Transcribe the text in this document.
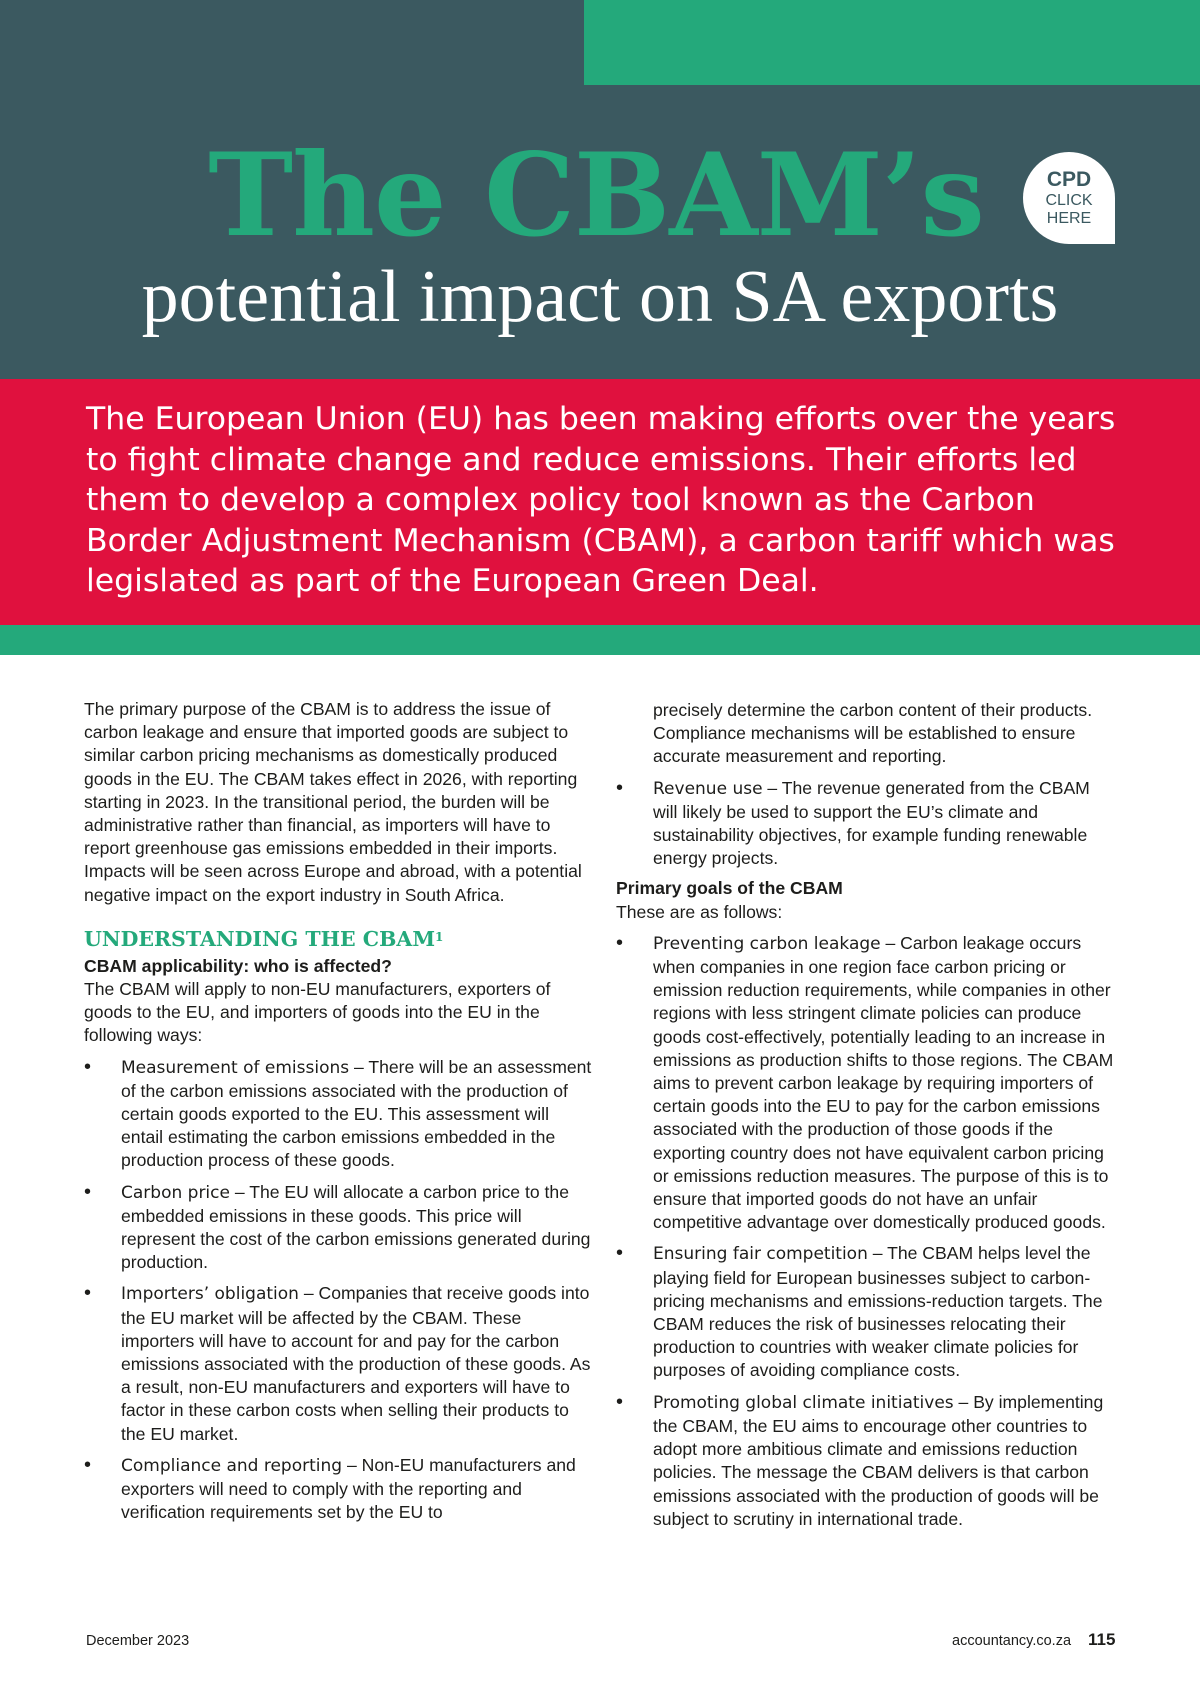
The CBAM’s
potential impact on SA exports
CPD
CLICK
HERE

The European Union (EU) has been making efforts over the years to fight climate change and reduce emissions. Their efforts led them to develop a complex policy tool known as the Carbon Border Adjustment Mechanism (CBAM), a carbon tariff which was legislated as part of the European Green Deal.

The primary purpose of the CBAM is to address the issue of carbon leakage and ensure that imported goods are subject to similar carbon pricing mechanisms as domestically produced goods in the EU. The CBAM takes effect in 2026, with reporting starting in 2023. In the transitional period, the burden will be administrative rather than financial, as importers will have to report greenhouse gas emissions embedded in their imports. Impacts will be seen across Europe and abroad, with a potential negative impact on the export industry in South Africa.

UNDERSTANDING THE CBAM$^1$

CBAM applicability: who is affected?

The CBAM will apply to non-EU manufacturers, exporters of goods to the EU, and importers of goods into the EU in the following ways:

• Measurement of emissions – There will be an assessment of the carbon emissions associated with the production of certain goods exported to the EU. This assessment will entail estimating the carbon emissions embedded in the production process of these goods.
• Carbon price – The EU will allocate a carbon price to the embedded emissions in these goods. This price will represent the cost of the carbon emissions generated during production.
• Importers’ obligation – Companies that receive goods into the EU market will be affected by the CBAM. These importers will have to account for and pay for the carbon emissions associated with the production of these goods. As a result, non-EU manufacturers and exporters will have to factor in these carbon costs when selling their products to the EU market.
• Compliance and reporting – Non-EU manufacturers and exporters will need to comply with the reporting and verification requirements set by the EU to
precisely determine the carbon content of their products. Compliance mechanisms will be established to ensure accurate measurement and reporting.
• Revenue use – The revenue generated from the CBAM will likely be used to support the EU’s climate and sustainability objectives, for example funding renewable energy projects.

Primary goals of the CBAM

These are as follows:

• Preventing carbon leakage – Carbon leakage occurs when companies in one region face carbon pricing or emission reduction requirements, while companies in other regions with less stringent climate policies can produce goods cost-effectively, potentially leading to an increase in emissions as production shifts to those regions. The CBAM aims to prevent carbon leakage by requiring importers of certain goods into the EU to pay for the carbon emissions associated with the production of those goods if the exporting country does not have equivalent carbon pricing or emissions reduction measures. The purpose of this is to ensure that imported goods do not have an unfair competitive advantage over domestically produced goods.
• Ensuring fair competition – The CBAM helps level the playing field for European businesses subject to carbon-pricing mechanisms and emissions-reduction targets. The CBAM reduces the risk of businesses relocating their production to countries with weaker climate policies for purposes of avoiding compliance costs.
• Promoting global climate initiatives – By implementing the CBAM, the EU aims to encourage other countries to adopt more ambitious climate and emissions reduction policies. The message the CBAM delivers is that carbon emissions associated with the production of goods will be subject to scrutiny in international trade.
December 2023	accountancy.co.za 115
